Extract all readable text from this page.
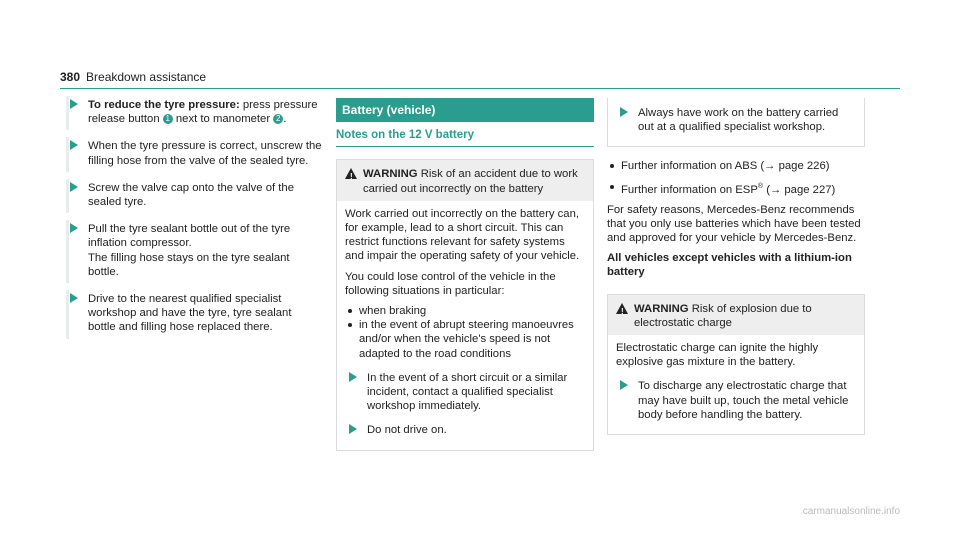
380 Breakdown assistance
To reduce the tyre pressure: press pressure release button 1 next to manometer 2 .
When the tyre pressure is correct, unscrew the filling hose from the valve of the sealed tyre.
Screw the valve cap onto the valve of the sealed tyre.
Pull the tyre sealant bottle out of the tyre inflation compressor.
The filling hose stays on the tyre sealant bottle.
Drive to the nearest qualified specialist workshop and have the tyre, tyre sealant bottle and filling hose replaced there.
Battery (vehicle)
Notes on the 12 V battery
! WARNING Risk of an accident due to work carried out incorrectly on the battery

Work carried out incorrectly on the battery can, for example, lead to a short circuit. This can restrict functions relevant for safety systems and impair the operating safety of your vehicle.

You could lose control of the vehicle in the following situations in particular:

when braking
in the event of abrupt steering manoeuvres and/or when the vehicle's speed is not adapted to the road conditions
In the event of a short circuit or a similar incident, contact a qualified specialist workshop immediately.
Do not drive on.
Always have work on the battery carried out at a qualified specialist workshop.
Further information on ABS (→ page 226)
Further information on ESP® (→ page 227)

For safety reasons, Mercedes-Benz recommends that you only use batteries which have been tested and approved for your vehicle by Mercedes-Benz.

All vehicles except vehicles with a lithium-ion battery

! WARNING Risk of explosion due to electrostatic charge

Electrostatic charge can ignite the highly explosive gas mixture in the battery.

To discharge any electrostatic charge that may have built up, touch the metal vehicle body before handling the battery.
carmanualsonline.info
